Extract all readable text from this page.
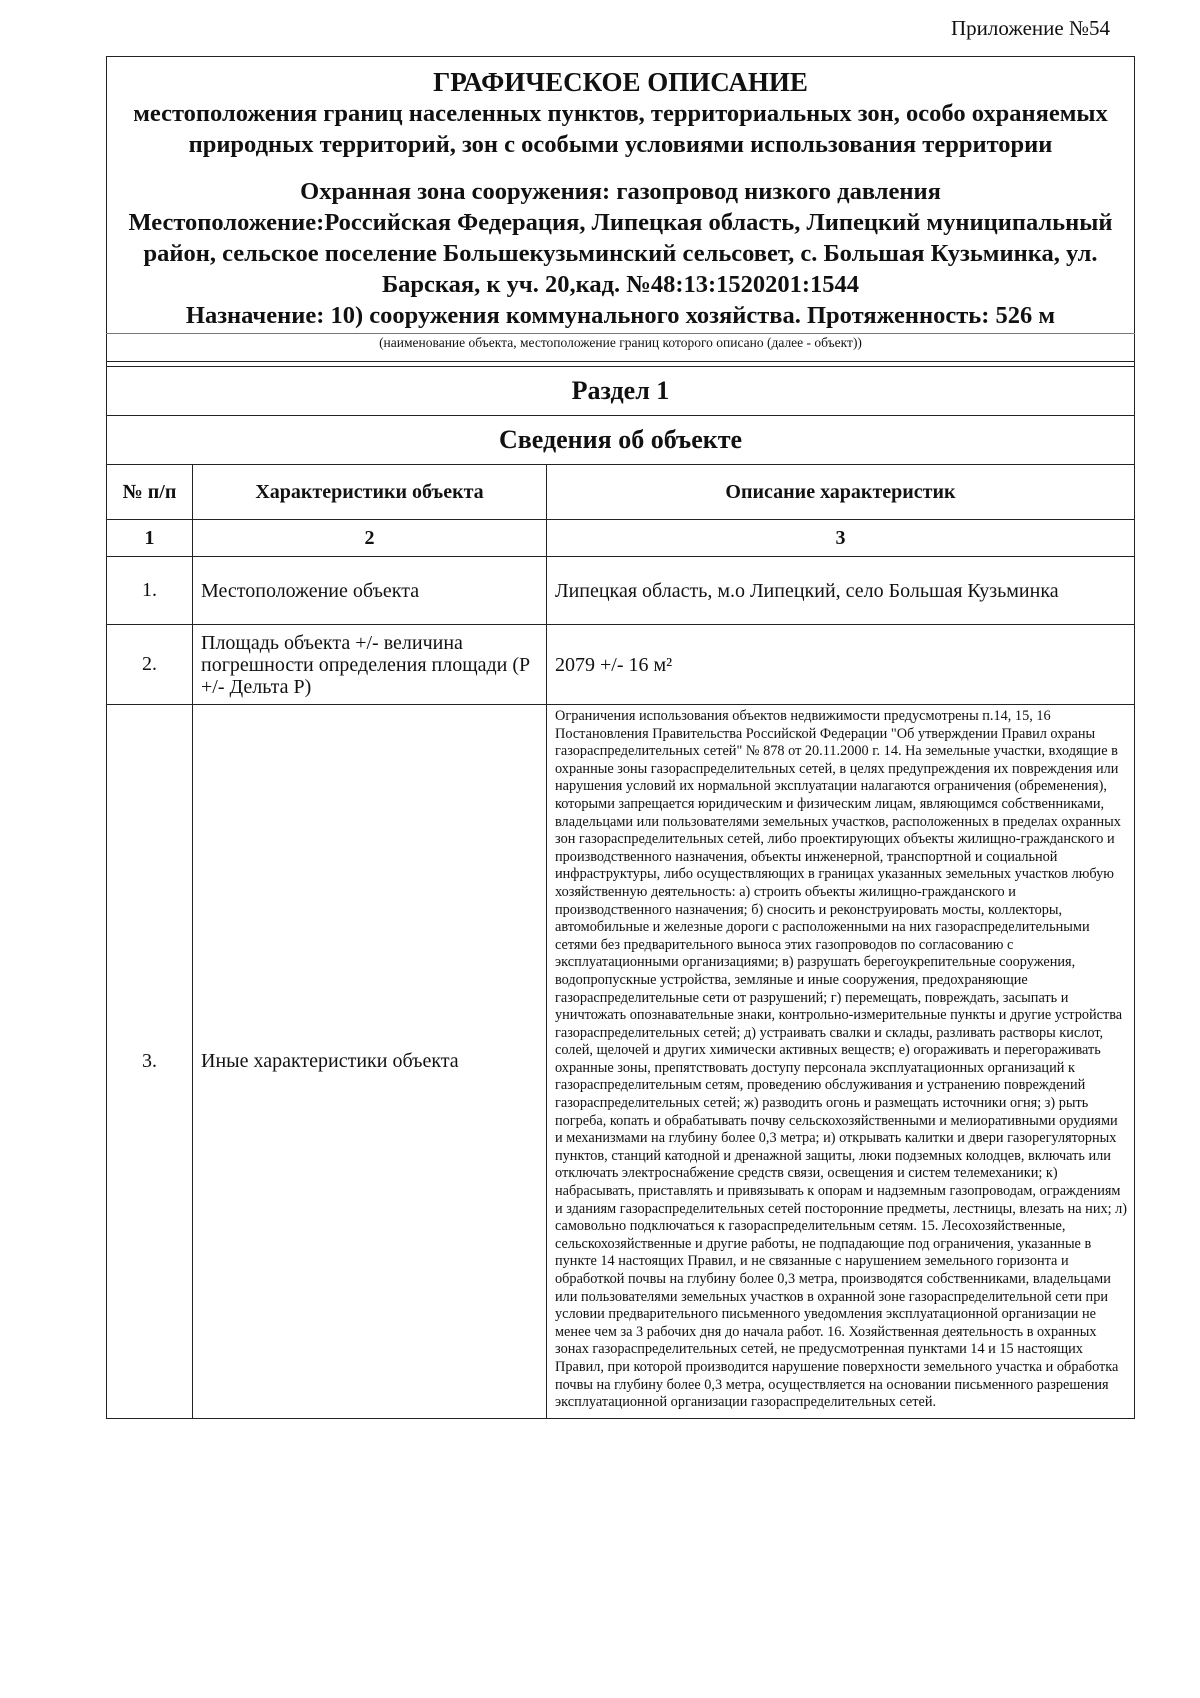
Приложение №54
ГРАФИЧЕСКОЕ ОПИСАНИЕ
местоположения границ населенных пунктов, территориальных зон, особо охраняемых природных территорий, зон с особыми условиями использования территории
Охранная зона сооружения: газопровод низкого давления
Местоположение:Российская Федерация, Липецкая область, Липецкий муниципальный район, сельское поселение Большекузьминский сельсовет, с. Большая Кузьминка, ул. Барская, к уч. 20,кад. №48:13:1520201:1544
Назначение: 10) сооружения коммунального хозяйства. Протяженность: 526 м		

(наименование объекта, местоположение границ которого описано (далее - объект))		

Раздел 1		
Сведения об объекте		
№ п/п	Характеристики объекта	Описание характеристик
1	2	3
1.	Местоположение объекта	Липецкая область, м.о Липецкий, село Большая Кузьминка
2.	Площадь объекта +/- величина погрешности определения площади (Р +/- Дельта Р)	2079 +/- 16 м²
3.	Иные характеристики объекта	Ограничения использования объектов недвижимости предусмотрены п.14, 15, 16 Постановления Правительства Российской Федерации "Об утверждении Правил охраны газораспределительных сетей" № 878 от 20.11.2000 г. 14. На земельные участки, входящие в охранные зоны газораспределительных сетей, в целях предупреждения их повреждения или нарушения условий их нормальной эксплуатации налагаются ограничения (обременения), которыми запрещается юридическим и физическим лицам, являющимся собственниками, владельцами или пользователями земельных участков, расположенных в пределах охранных зон газораспределительных сетей, либо проектирующих объекты жилищно-гражданского и производственного назначения, объекты инженерной, транспортной и социальной инфраструктуры, либо осуществляющих в границах указанных земельных участков любую хозяйственную деятельность: а) строить объекты жилищно-гражданского и производственного назначения; б) сносить и реконструировать мосты, коллекторы, автомобильные и железные дороги с расположенными на них газораспределительными сетями без предварительного выноса этих газопроводов по согласованию с эксплуатационными организациями; в) разрушать берегоукрепительные сооружения, водопропускные устройства, земляные и иные сооружения, предохраняющие газораспределительные сети от разрушений; г) перемещать, повреждать, засыпать и уничтожать опознавательные знаки, контрольно-измерительные пункты и другие устройства газораспределительных сетей; д) устраивать свалки и склады, разливать растворы кислот, солей, щелочей и других химически активных веществ; е) огораживать и перегораживать охранные зоны, препятствовать доступу персонала эксплуатационных организаций к газораспределительным сетям, проведению обслуживания и устранению повреждений газораспределительных сетей; ж) разводить огонь и размещать источники огня; з) рыть погреба, копать и обрабатывать почву сельскохозяйственными и мелиоративными орудиями и механизмами на глубину более 0,3 метра; и) открывать калитки и двери газорегуляторных пунктов, станций катодной и дренажной защиты, люки подземных колодцев, включать или отключать электроснабжение средств связи, освещения и систем телемеханики; к) набрасывать, приставлять и привязывать к опорам и надземным газопроводам, ограждениям и зданиям газораспределительных сетей посторонние предметы, лестницы, влезать на них; л) самовольно подключаться к газораспределительным сетям. 15. Лесохозяйственные, сельскохозяйственные и другие работы, не подпадающие под ограничения, указанные в пункте 14 настоящих Правил, и не связанные с нарушением земельного горизонта и обработкой почвы на глубину более 0,3 метра, производятся собственниками, владельцами или пользователями земельных участков в охранной зоне газораспределительной сети при условии предварительного письменного уведомления эксплуатационной организации не менее чем за 3 рабочих дня до начала работ. 16. Хозяйственная деятельность в охранных зонах газораспределительных сетей, не предусмотренная пунктами 14 и 15 настоящих Правил, при которой производится нарушение поверхности земельного участка и обработка почвы на глубину более 0,3 метра, осуществляется на основании письменного разрешения эксплуатационной организации газораспределительных сетей.
